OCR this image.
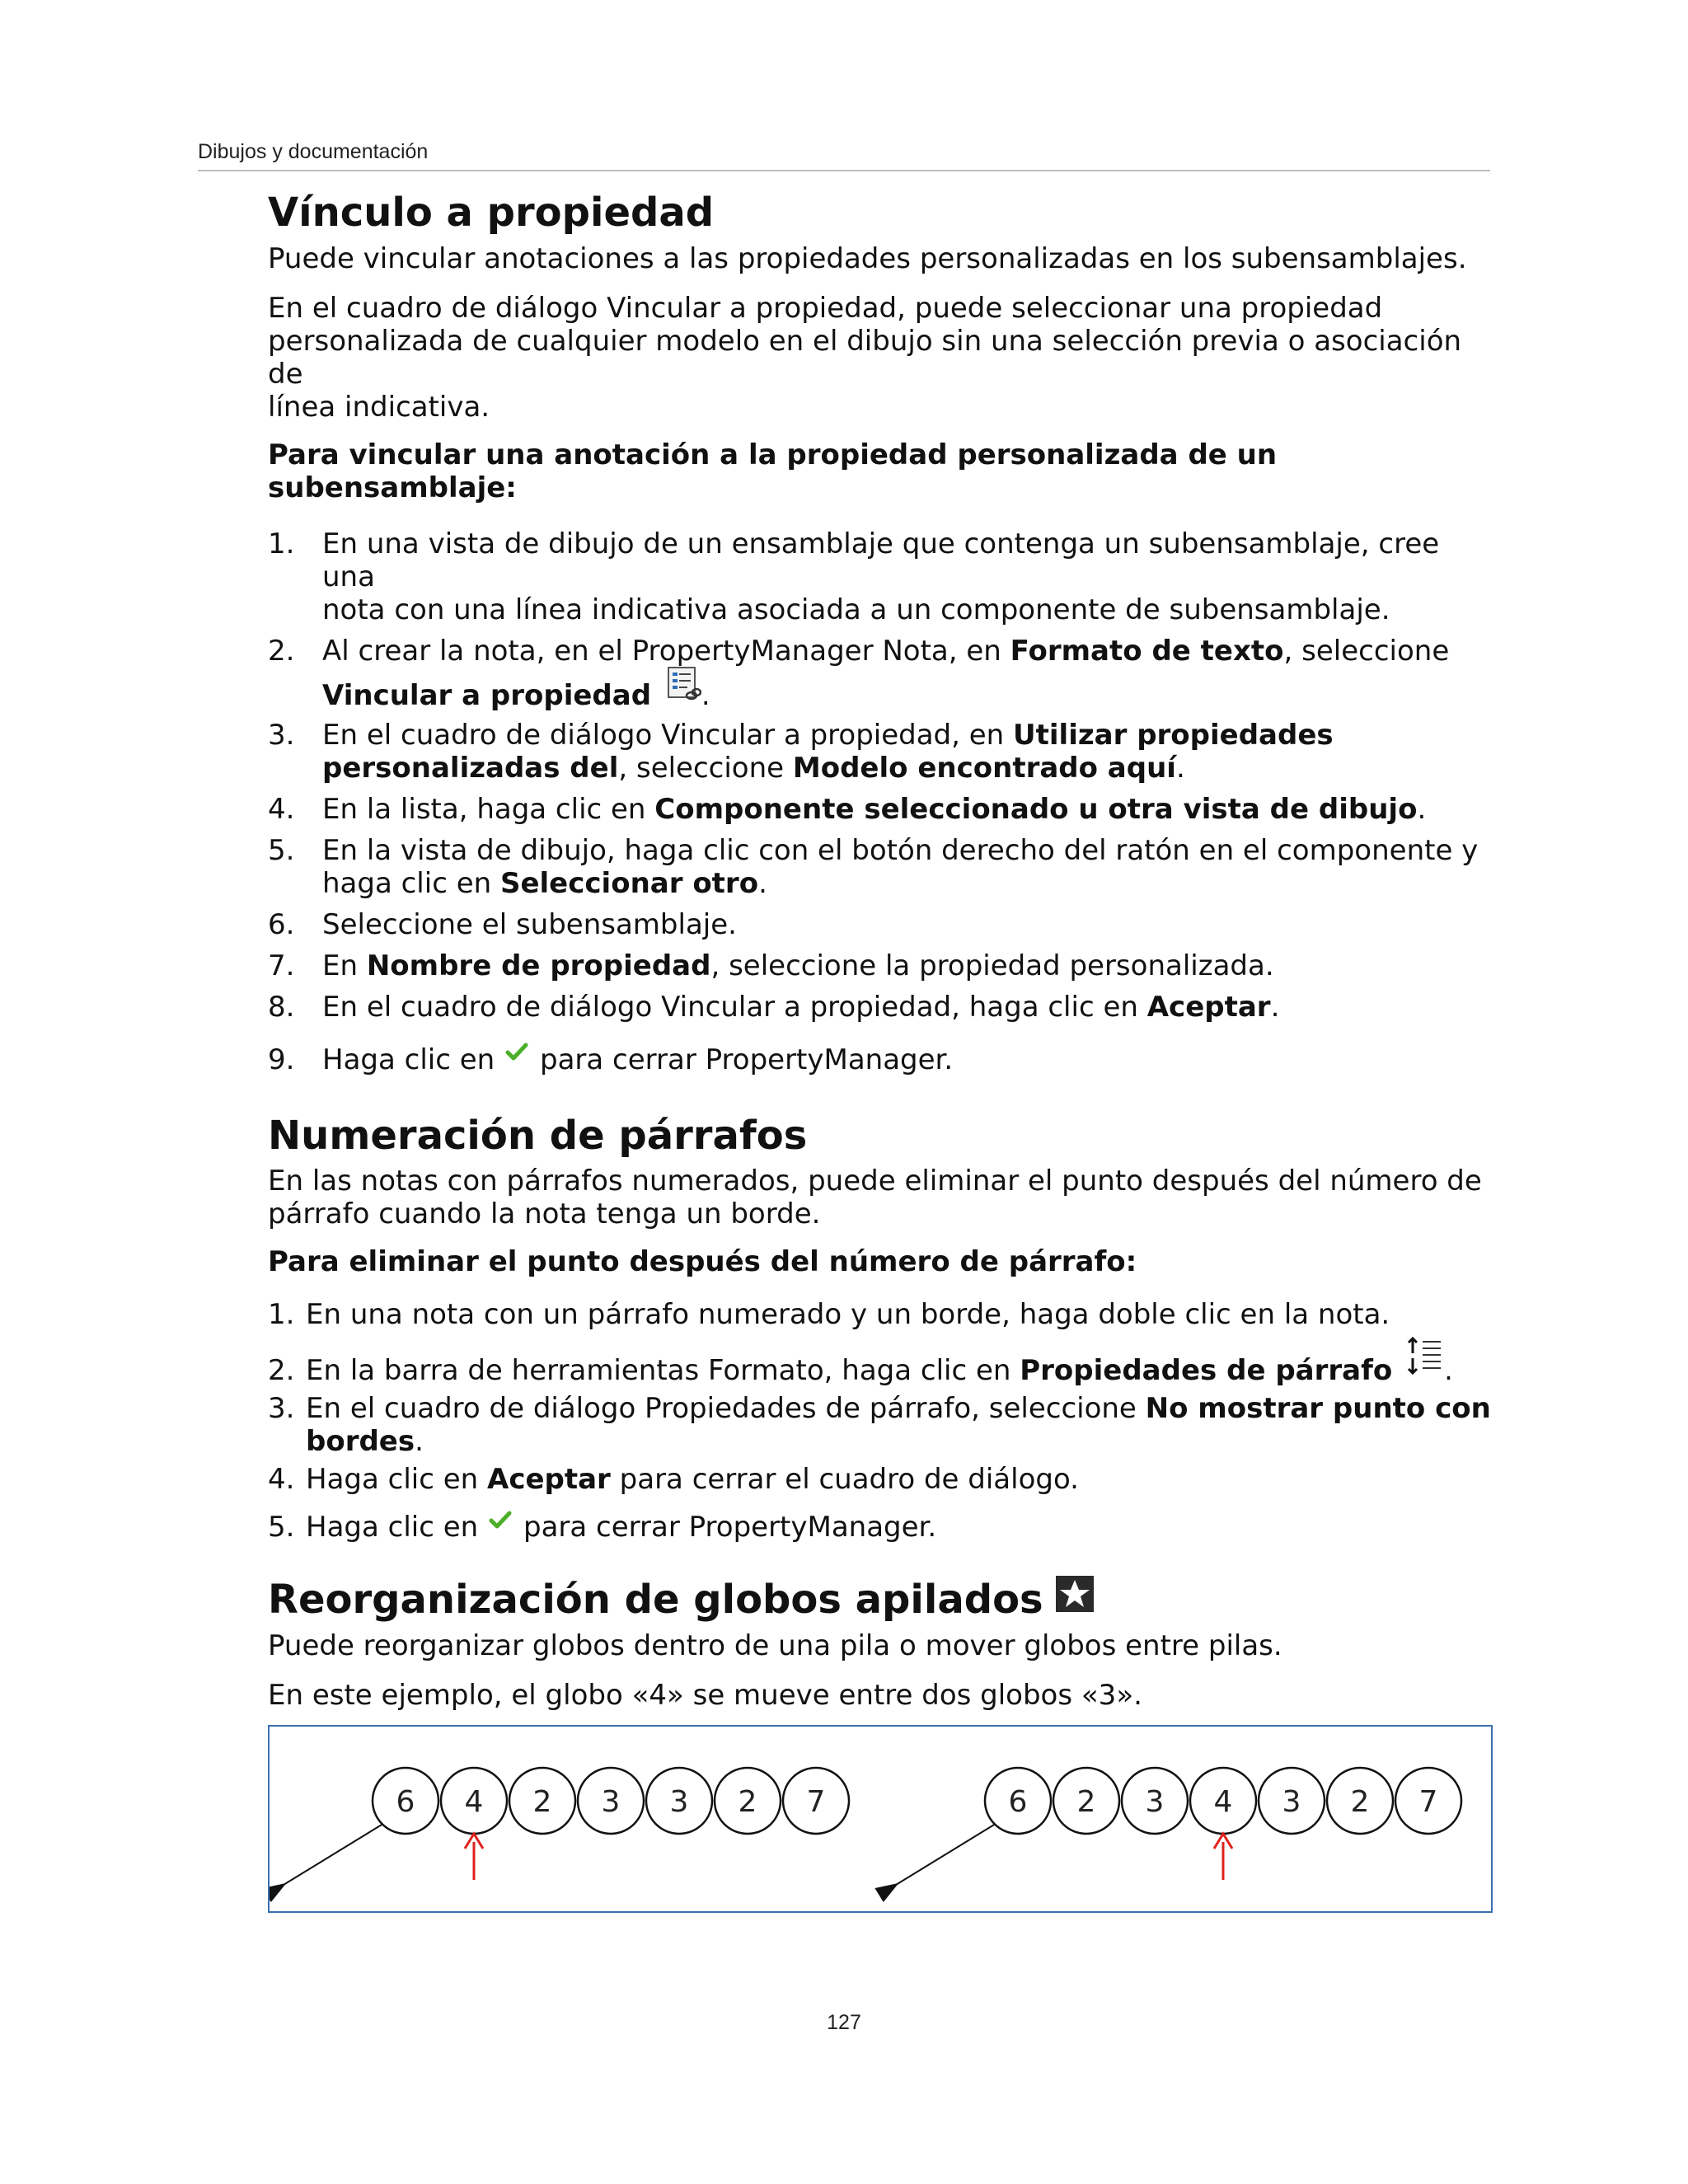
Dibujos y documentación
Vínculo a propiedad

Puede vincular anotaciones a las propiedades personalizadas en los subensamblajes.

En el cuadro de diálogo Vincular a propiedad, puede seleccionar una propiedad

personalizada de cualquier modelo en el dibujo sin una selección previa o asociación de

línea indicativa.

Para vincular una anotación a la propiedad personalizada de un subensamblaje:

1. En una vista de dibujo de un ensamblaje que contenga un subensamblaje, cree una
nota con una línea indicativa asociada a un componente de subensamblaje.
2. Al crear la nota, en el PropertyManager Nota, en Formato de texto, seleccione
Vincular a propiedad .
3. En el cuadro de diálogo Vincular a propiedad, en Utilizar propiedades
personalizadas del, seleccione Modelo encontrado aquí.
4. En la lista, haga clic en Componente seleccionado u otra vista de dibujo.
5. En la vista de dibujo, haga clic con el botón derecho del ratón en el componente y
haga clic en Seleccionar otro.
6. Seleccione el subensamblaje.
7. En Nombre de propiedad, seleccione la propiedad personalizada.
8. En el cuadro de diálogo Vincular a propiedad, haga clic en Aceptar.
9. Haga clic en para cerrar PropertyManager.
Numeración de párrafos

En las notas con párrafos numerados, puede eliminar el punto después del número de

párrafo cuando la nota tenga un borde.

Para eliminar el punto después del número de párrafo:

1. En una nota con un párrafo numerado y un borde, haga doble clic en la nota.
2. En la barra de herramientas Formato, haga clic en Propiedades de párrafo .
3. En el cuadro de diálogo Propiedades de párrafo, seleccione No mostrar punto con
bordes.
4. Haga clic en Aceptar para cerrar el cuadro de diálogo.
5. Haga clic en para cerrar PropertyManager.
Reorganización de globos apilados

Puede reorganizar globos dentro de una pila o mover globos entre pilas.

En este ejemplo, el globo «4» se mueve entre dos globos «3».

6 4 2 3 3 2 7	6 2 3 4 3 2 7
127
